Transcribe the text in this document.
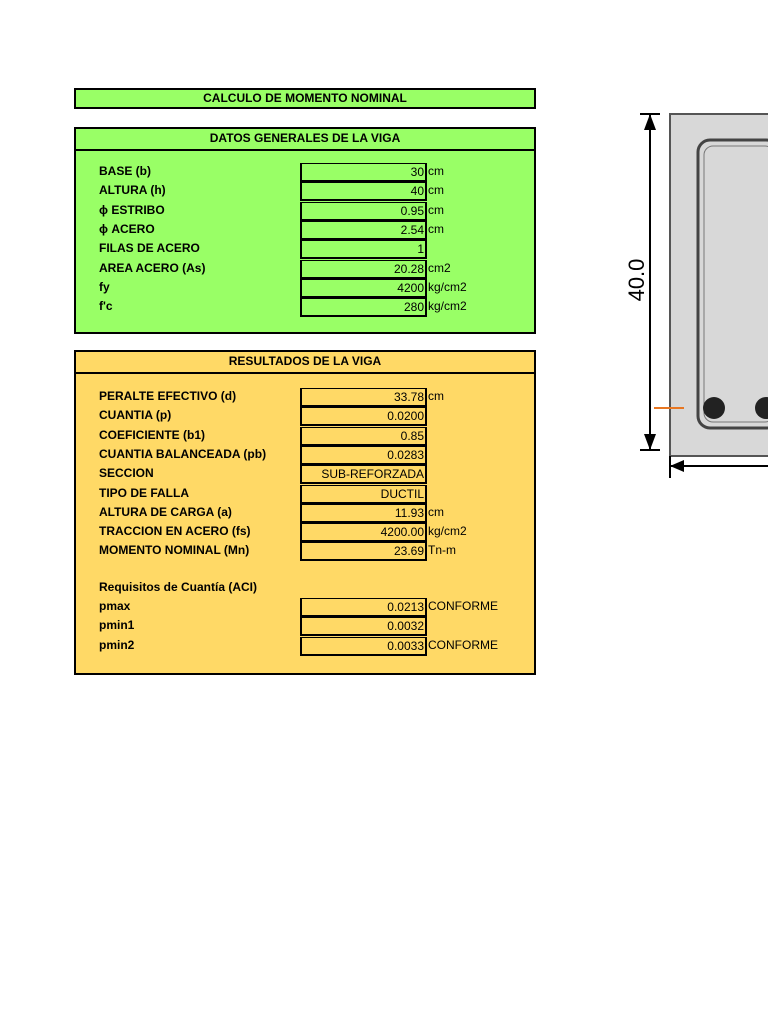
CALCULO DE MOMENTO NOMINAL
DATOS GENERALES DE LA VIGA
BASE (b)	30 cm
ALTURA (h)	40 cm
ϕ ESTRIBO	0.95 cm
ϕ ACERO	2.54 cm
FILAS DE ACERO	1
AREA ACERO (As)	20.28 cm2
fy	4200 kg/cm2
f'c	280 kg/cm2
RESULTADOS DE LA VIGA
PERALTE EFECTIVO (d)	33.78 cm
CUANTIA (p)	0.0200
COEFICIENTE (b1)	0.85
CUANTIA BALANCEADA (pb)	0.0283
SECCION	SUB-REFORZADA
TIPO DE FALLA	DUCTIL
ALTURA DE CARGA (a)	11.93 cm
TRACCION EN ACERO (fs)	4200.00 kg/cm2
MOMENTO NOMINAL (Mn)	23.69 Tn-m
Requisitos de Cuantía (ACI)
pmax	0.0213 CONFORME
pmin1	0.0032
pmin2	0.0033 CONFORME
40.0
